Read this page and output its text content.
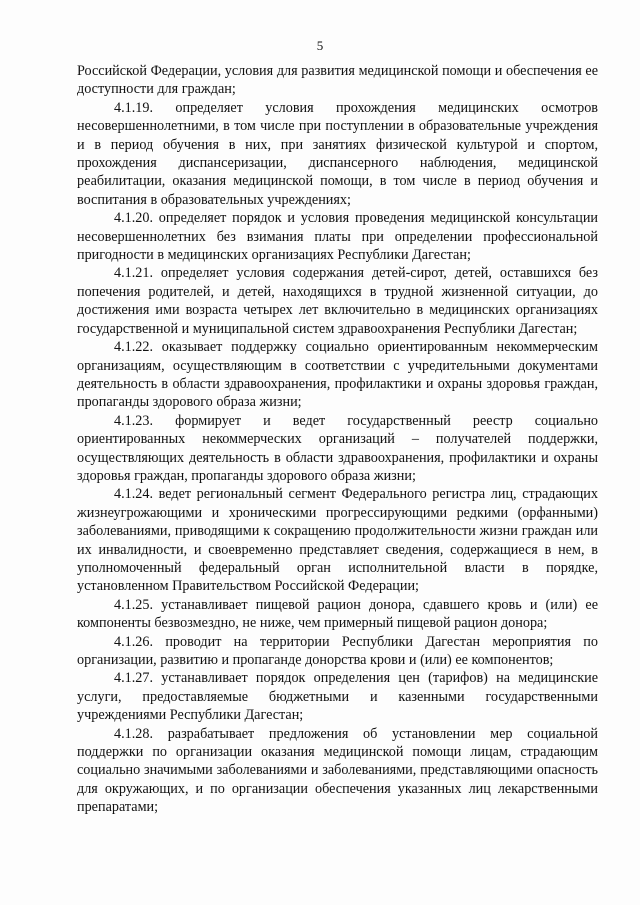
5

Российской Федерации, условия для развития медицинской помощи и обеспечения ее доступности для граждан;

4.1.19. определяет условия прохождения медицинских осмотров несовершеннолетними, в том числе при поступлении в образовательные учреждения и в период обучения в них, при занятиях физической культурой и спортом, прохождения диспансеризации, диспансерного наблюдения, медицинской реабилитации, оказания медицинской помощи, в том числе в период обучения и воспитания в образовательных учреждениях;

4.1.20. определяет порядок и условия проведения медицинской консультации несовершеннолетних без взимания платы при определении профессиональной пригодности в медицинских организациях Республики Дагестан;

4.1.21. определяет условия содержания детей-сирот, детей, оставшихся без попечения родителей, и детей, находящихся в трудной жизненной ситуации, до достижения ими возраста четырех лет включительно в медицинских организациях государственной и муниципальной систем здравоохранения Республики Дагестан;

4.1.22. оказывает поддержку социально ориентированным некоммерческим организациям, осуществляющим в соответствии с учредительными документами деятельность в области здравоохранения, профилактики и охраны здоровья граждан, пропаганды здорового образа жизни;

4.1.23. формирует и ведет государственный реестр социально ориентированных некоммерческих организаций – получателей поддержки, осуществляющих деятельность в области здравоохранения, профилактики и охраны здоровья граждан, пропаганды здорового образа жизни;

4.1.24. ведет региональный сегмент Федерального регистра лиц, страдающих жизнеугрожающими и хроническими прогрессирующими редкими (орфанными) заболеваниями, приводящими к сокращению продолжительности жизни граждан или их инвалидности, и своевременно представляет сведения, содержащиеся в нем, в уполномоченный федеральный орган исполнительной власти в порядке, установленном Правительством Российской Федерации;

4.1.25. устанавливает пищевой рацион донора, сдавшего кровь и (или) ее компоненты безвозмездно, не ниже, чем примерный пищевой рацион донора;

4.1.26. проводит на территории Республики Дагестан мероприятия по организации, развитию и пропаганде донорства крови и (или) ее компонентов;

4.1.27. устанавливает порядок определения цен (тарифов) на медицинские услуги, предоставляемые бюджетными и казенными государственными учреждениями Республики Дагестан;

4.1.28. разрабатывает предложения об установлении мер социальной поддержки по организации оказания медицинской помощи лицам, страдающим социально значимыми заболеваниями и заболеваниями, представляющими опасность для окружающих, и по организации обеспечения указанных лиц лекарственными препаратами;
